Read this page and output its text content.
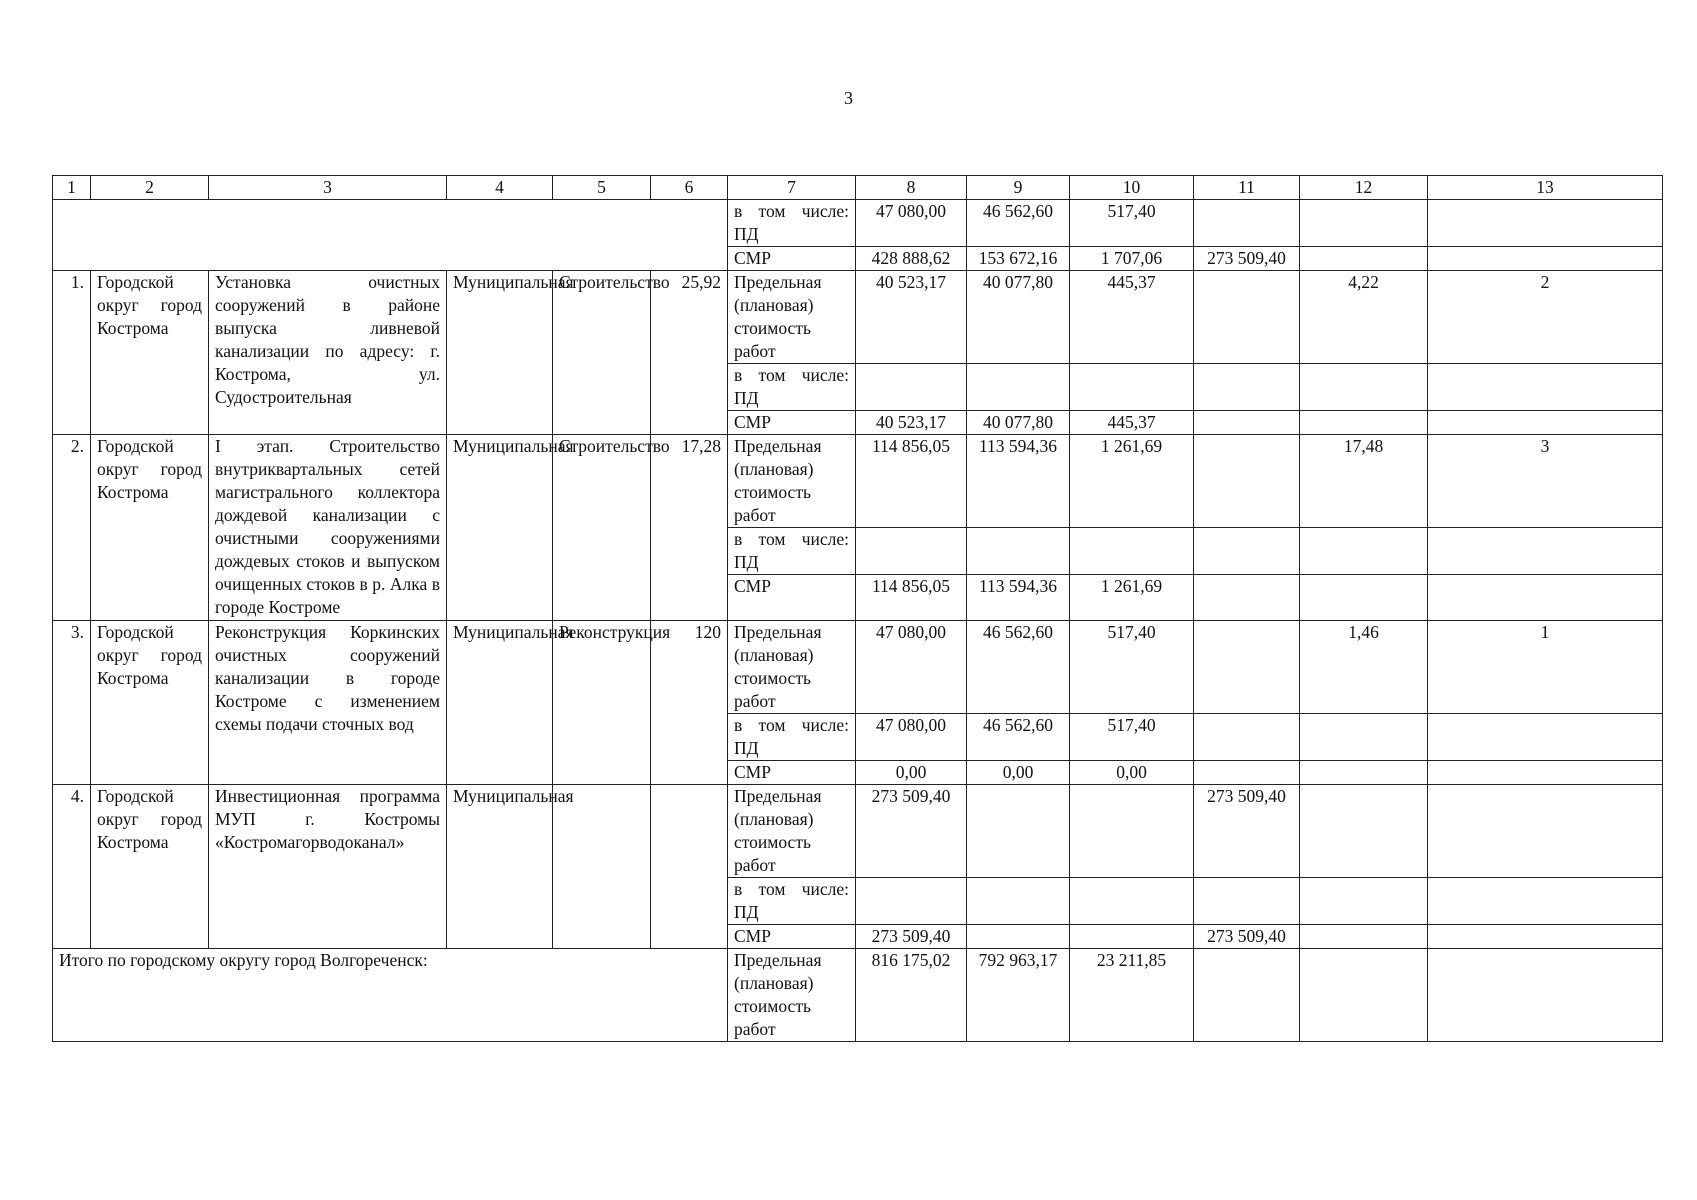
3
1	2	3	4	5	6	7	8	9	10	11	12	13
						в том числе: ПД	47 080,00	46 562,60	517,40			
						СМР	428 888,62	153 672,16	1 707,06	273 509,40		
1.	Городской округ город Кострома	Установка очистных сооружений в районе выпуска ливневой канализации по адресу: г. Кострома, ул. Судостроительная	Муниципальная	Строительство	25,92	Предельная (плановая) стоимость работ	40 523,17	40 077,80	445,37		4,22	2
						в том числе: ПД						
						СМР	40 523,17	40 077,80	445,37			
2.	Городской округ город Кострома	I этап. Строительство внутриквартальных сетей магистрального коллектора дождевой канализации с очистными сооружениями дождевых стоков и выпуском очищенных стоков в р. Алка в городе Костроме	Муниципальная	Строительство	17,28	Предельная (плановая) стоимость работ	114 856,05	113 594,36	1 261,69		17,48	3
						в том числе: ПД						
						СМР	114 856,05	113 594,36	1 261,69			
3.	Городской округ город Кострома	Реконструкция Коркинских очистных сооружений канализации в городе Костроме с изменением схемы подачи сточных вод	Муниципальная	Реконструкция	120	Предельная (плановая) стоимость работ	47 080,00	46 562,60	517,40		1,46	1
						в том числе: ПД	47 080,00	46 562,60	517,40			
						СМР	0,00	0,00	0,00			
4.	Городской округ город Кострома	Инвестиционная программа МУП г. Костромы «Костромагорводоканал»	Муниципальная			Предельная (плановая) стоимость работ	273 509,40			273 509,40		
						в том числе: ПД						
						СМР	273 509,40			273 509,40		
Итого по городскому округу город Волгореченск:						Предельная (плановая) стоимость работ	816 175,02	792 963,17	23 211,85			
